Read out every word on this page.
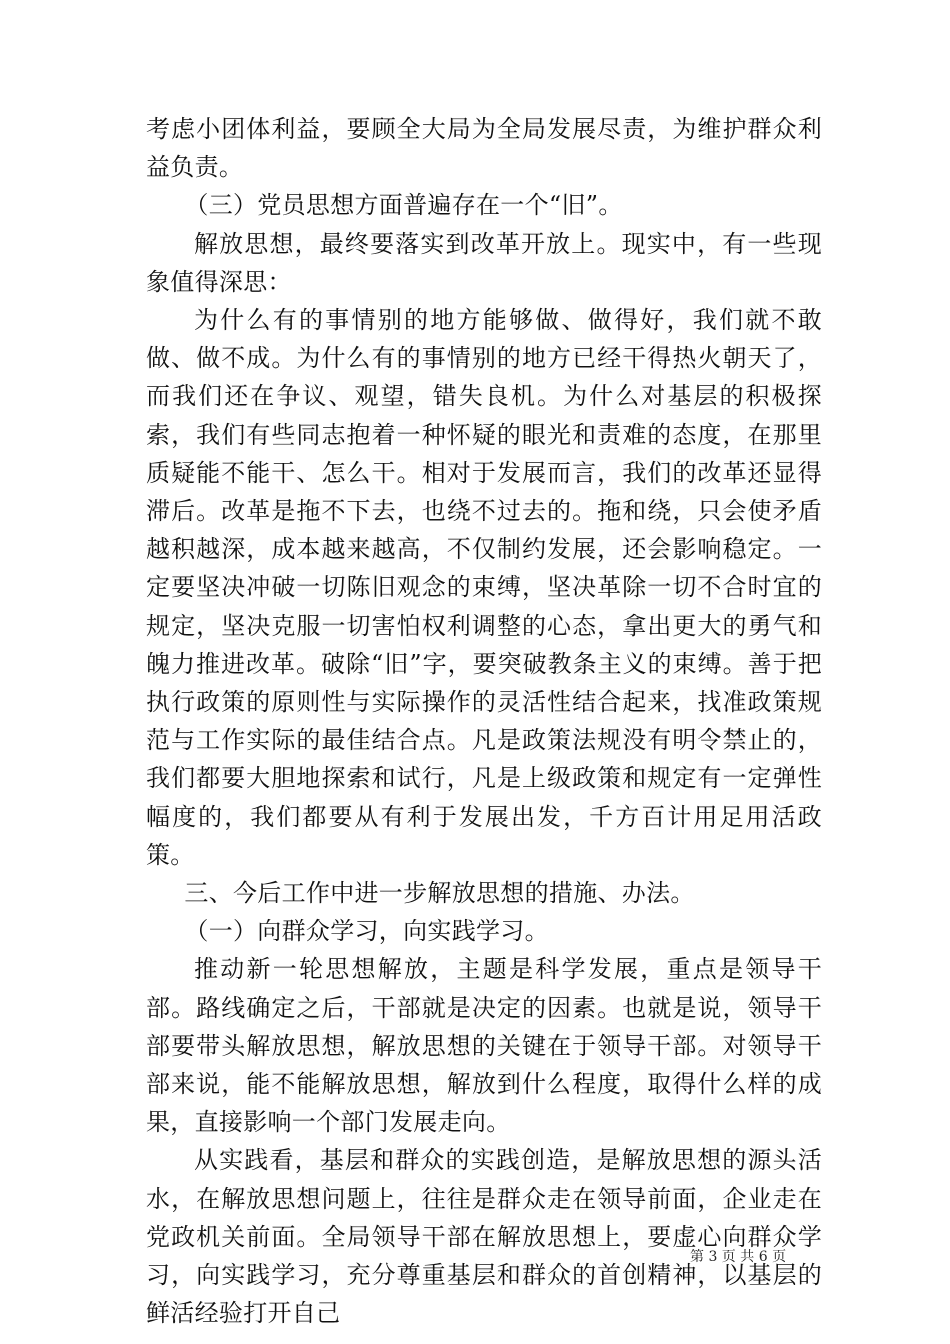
考虑小团体利益，要顾全大局为全局发展尽责，为维护群众利益负责。

（三）党员思想方面普遍存在一个“旧”。

解放思想，最终要落实到改革开放上。现实中，有一些现象值得深思：

为什么有的事情别的地方能够做、做得好，我们就不敢做、做不成。为什么有的事情别的地方已经干得热火朝天了，而我们还在争议、观望，错失良机。为什么对基层的积极探索，我们有些同志抱着一种怀疑的眼光和责难的态度，在那里质疑能不能干、怎么干。相对于发展而言，我们的改革还显得滞后。改革是拖不下去，也绕不过去的。拖和绕，只会使矛盾越积越深，成本越来越高，不仅制约发展，还会影响稳定。一定要坚决冲破一切陈旧观念的束缚，坚决革除一切不合时宜的规定，坚决克服一切害怕权利调整的心态，拿出更大的勇气和魄力推进改革。破除“旧”字，要突破教条主义的束缚。善于把执行政策的原则性与实际操作的灵活性结合起来，找准政策规范与工作实际的最佳结合点。凡是政策法规没有明令禁止的，我们都要大胆地探索和试行，凡是上级政策和规定有一定弹性幅度的，我们都要从有利于发展出发，千方百计用足用活政策。

三、今后工作中进一步解放思想的措施、办法。

（一）向群众学习，向实践学习。

推动新一轮思想解放，主题是科学发展，重点是领导干部。路线确定之后，干部就是决定的因素。也就是说，领导干部要带头解放思想，解放思想的关键在于领导干部。对领导干部来说，能不能解放思想，解放到什么程度，取得什么样的成果，直接影响一个部门发展走向。

从实践看，基层和群众的实践创造，是解放思想的源头活水，在解放思想问题上，往往是群众走在领导前面，企业走在党政机关前面。全局领导干部在解放思想上，要虚心向群众学习，向实践学习，充分尊重基层和群众的首创精神，以基层的鲜活经验打开自己

第 3 页 共 6 页
